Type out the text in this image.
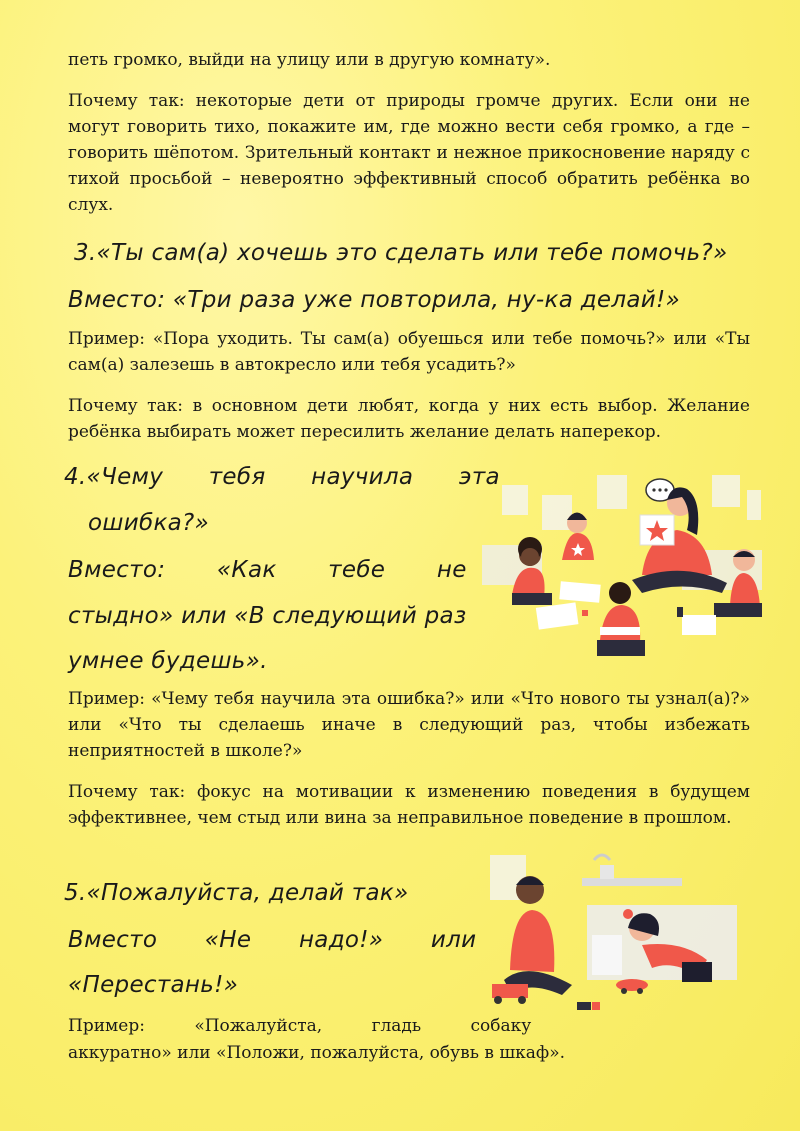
петь громко, выйди на улицу или в другую комнату».

Почему так: некоторые дети от природы громче других. Если они не могут говорить тихо, покажите им, где можно вести себя громко, а где – говорить шёпотом. Зрительный контакт и нежное прикосновение наряду с тихой просьбой – невероятно эффективный способ обратить ребёнка во слух.

3.«Ты сам(а) хочешь это сделать или тебе помочь?»
Вместо: «Три раза уже повторила, ну-ка делай!»

Пример: «Пора уходить. Ты сам(а) обуешься или тебе помочь?» или «Ты сам(а) залезешь в автокресло или тебя усадить?»

Почему так: в основном дети любят, когда у них есть выбор. Желание ребёнка выбирать может пересилить желание делать наперекор.

4.«Чему тебя научила эта
ошибка?»
Вместо: «Как тебе не
стыдно» или «В следующий раз
умнее будешь».

Пример: «Чему тебя научила эта ошибка?» или «Что нового ты узнал(а)?» или «Что ты сделаешь иначе в следующий раз, чтобы избежать неприятностей в школе?»

Почему так: фокус на мотивации к изменению поведения в будущем эффективнее, чем стыд или вина за неправильное поведение в прошлом.

5.«Пожалуйста, делай так»
Вместо «Не надо!» или
«Перестань!»
Пример: «Пожалуйста, гладь собаку

аккуратно» или «Положи, пожалуйста, обувь в шкаф».
